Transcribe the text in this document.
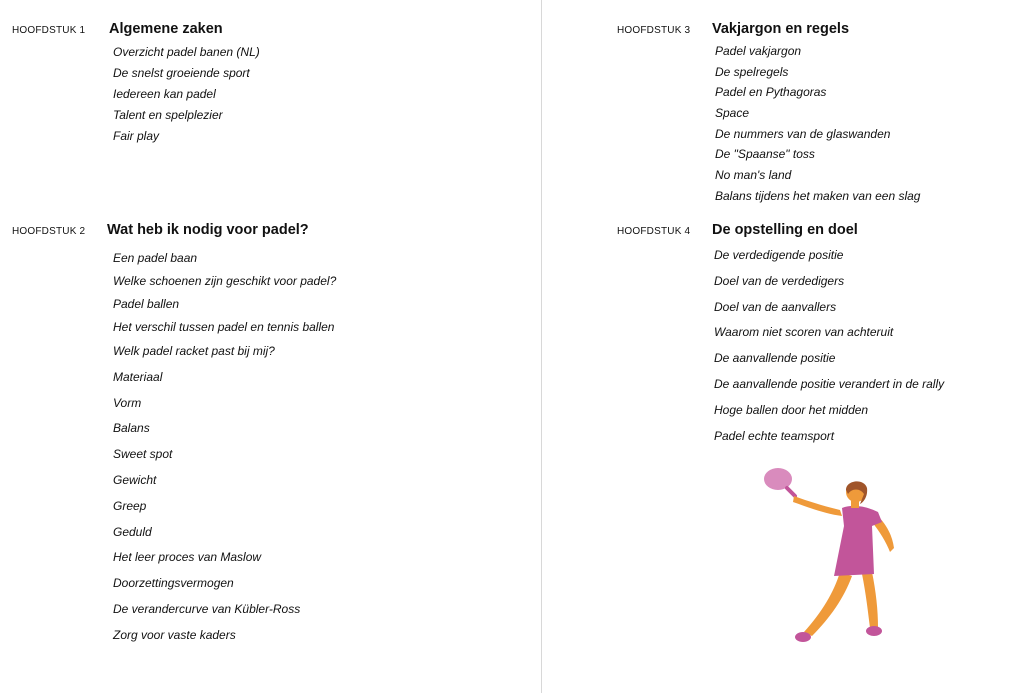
HOOFDSTUK 1 Algemene zaken
Overzicht padel banen (NL)
De snelst groeiende sport
Iedereen kan padel
Talent en spelplezier
Fair play
HOOFDSTUK 2 Wat heb ik nodig voor padel?
Een padel baan
Welke schoenen zijn geschikt voor padel?
Padel ballen
Het verschil tussen padel en tennis ballen
Welk padel racket past bij mij?
Materiaal
Vorm
Balans
Sweet spot
Gewicht
Greep
Geduld
Het leer proces van Maslow
Doorzettingsvermogen
De verandercurve van Kübler-Ross
Zorg voor vaste kaders
HOOFDSTUK 3 Vakjargon en regels
Padel vakjargon
De spelregels
Padel en Pythagoras
Space
De nummers van de glaswanden
De "Spaanse" toss
No man's land
Balans tijdens het maken van een slag
HOOFDSTUK 4 De opstelling en doel
De verdedigende positie
Doel van de verdedigers
Doel van de aanvallers
Waarom niet scoren van achteruit
De aanvallende positie
De aanvallende positie verandert in de rally
Hoge ballen door het midden
Padel echte teamsport
